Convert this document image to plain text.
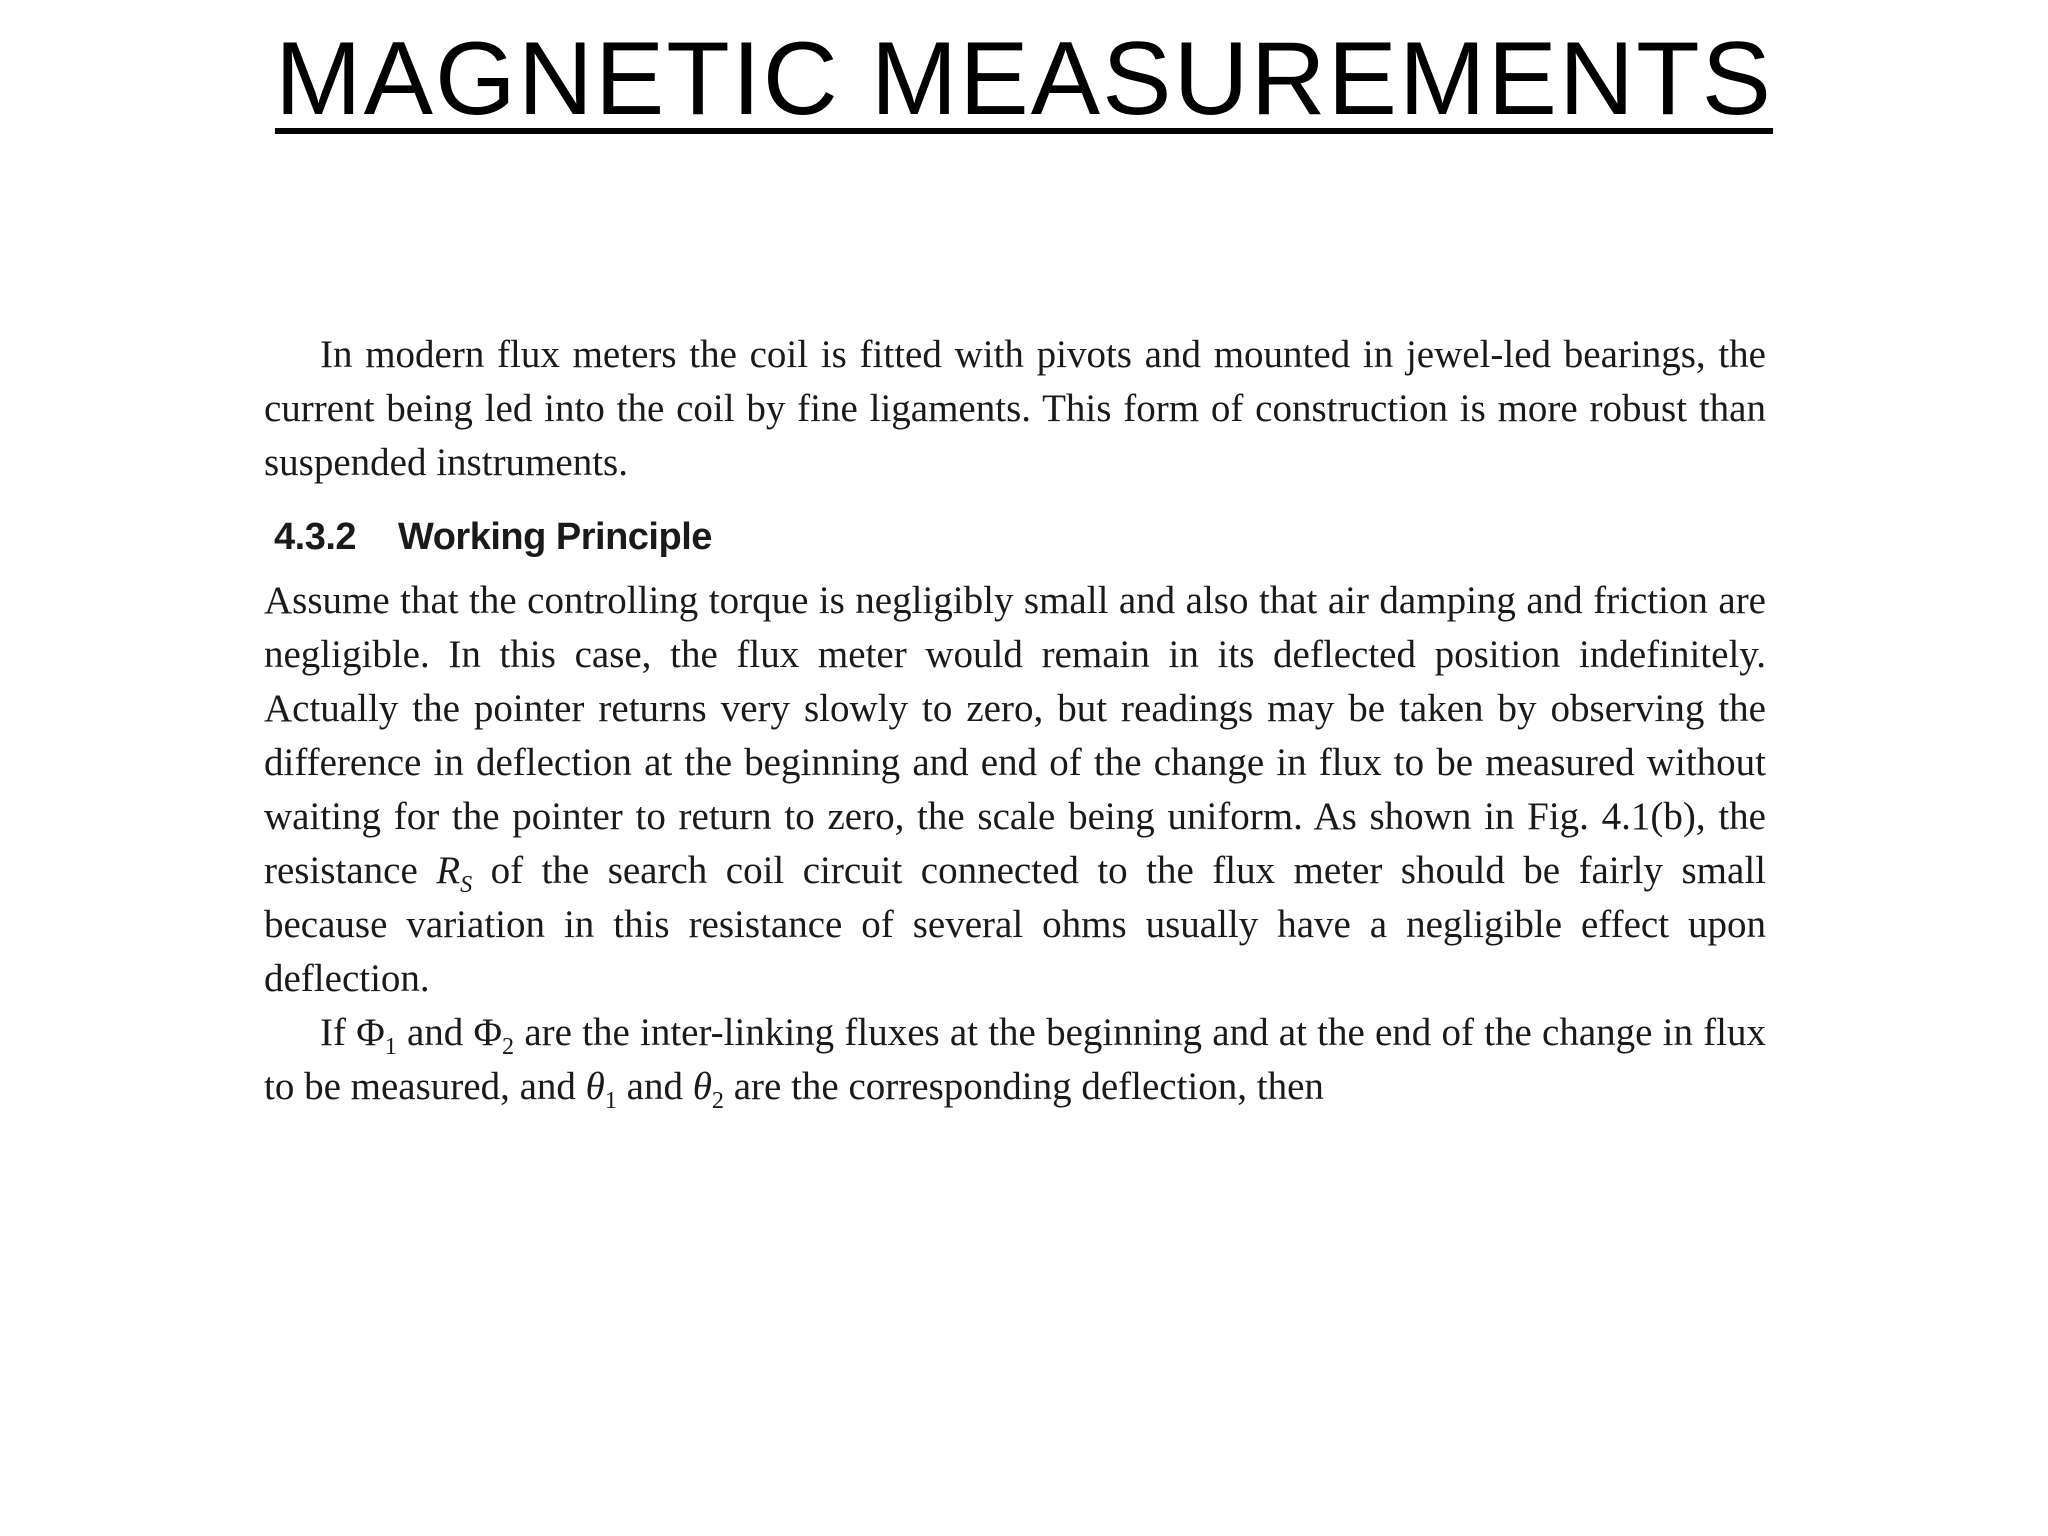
MAGNETIC MEASUREMENTS

In modern flux meters the coil is fitted with pivots and mounted in jewel-led bearings, the current being led into the coil by fine ligaments. This form of construction is more robust than suspended instruments.

4.3.2 Working Principle

Assume that the controlling torque is negligibly small and also that air damping and friction are negligible. In this case, the flux meter would remain in its deflected position indefinitely. Actually the pointer returns very slowly to zero, but readings may be taken by observing the difference in deflection at the beginning and end of the change in flux to be measured without waiting for the pointer to return to zero, the scale being uniform. As shown in Fig. 4.1(b), the resistance $R_S$ of the search coil circuit connected to the flux meter should be fairly small because variation in this resistance of several ohms usually have a negligible effect upon deflection.

If $\Phi_1$ and $\Phi_2$ are the inter-linking fluxes at the beginning and at the end of the change in flux to be measured, and $\theta_1$ and $\theta_2$ are the corresponding deflection, then
